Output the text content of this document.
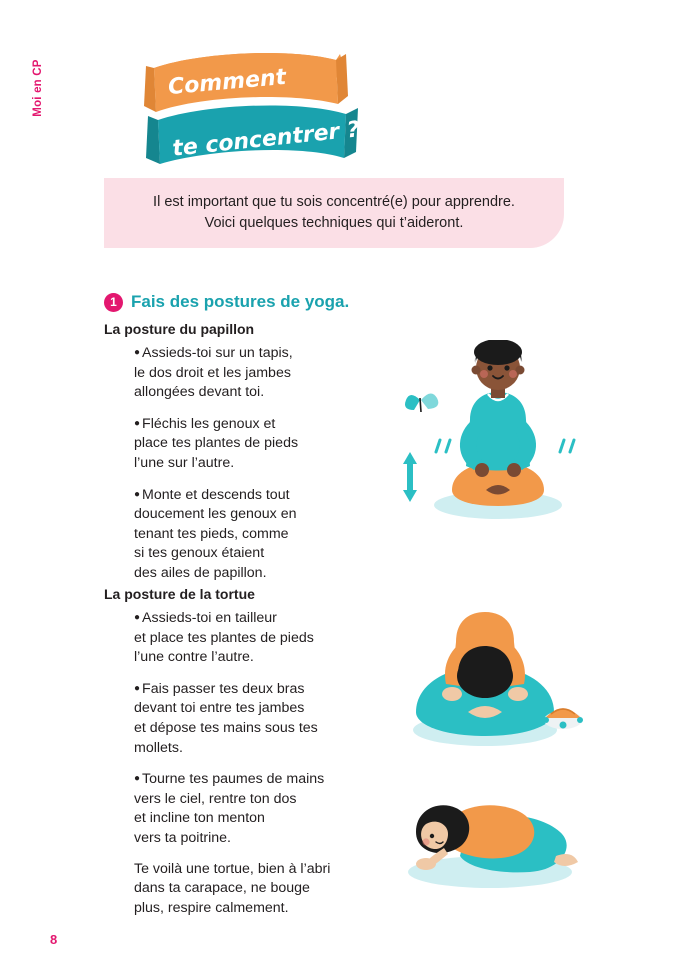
Moi en CP	Comment
te concentrer ?
Il est important que tu sois concentré(e) pour apprendre.
Voici quelques techniques qui t’aideront.
1 Fais des postures de yoga.
La posture du papillon
● Assieds-toi sur un tapis,
le dos droit et les jambes
allongées devant toi.
● Fléchis les genoux et
place tes plantes de pieds
l’une sur l’autre.
● Monte et descends tout
doucement les genoux en
tenant tes pieds, comme
si tes genoux étaient
des ailes de papillon.
La posture de la tortue
● Assieds-toi en tailleur
et place tes plantes de pieds
l’une contre l’autre.
● Fais passer tes deux bras
devant toi entre tes jambes
et dépose tes mains sous tes
mollets.
● Tourne tes paumes de mains
vers le ciel, rentre ton dos
et incline ton menton
vers ta poitrine.
Te voilà une tortue, bien à l’abri
dans ta carapace, ne bouge
plus, respire calmement.
8
